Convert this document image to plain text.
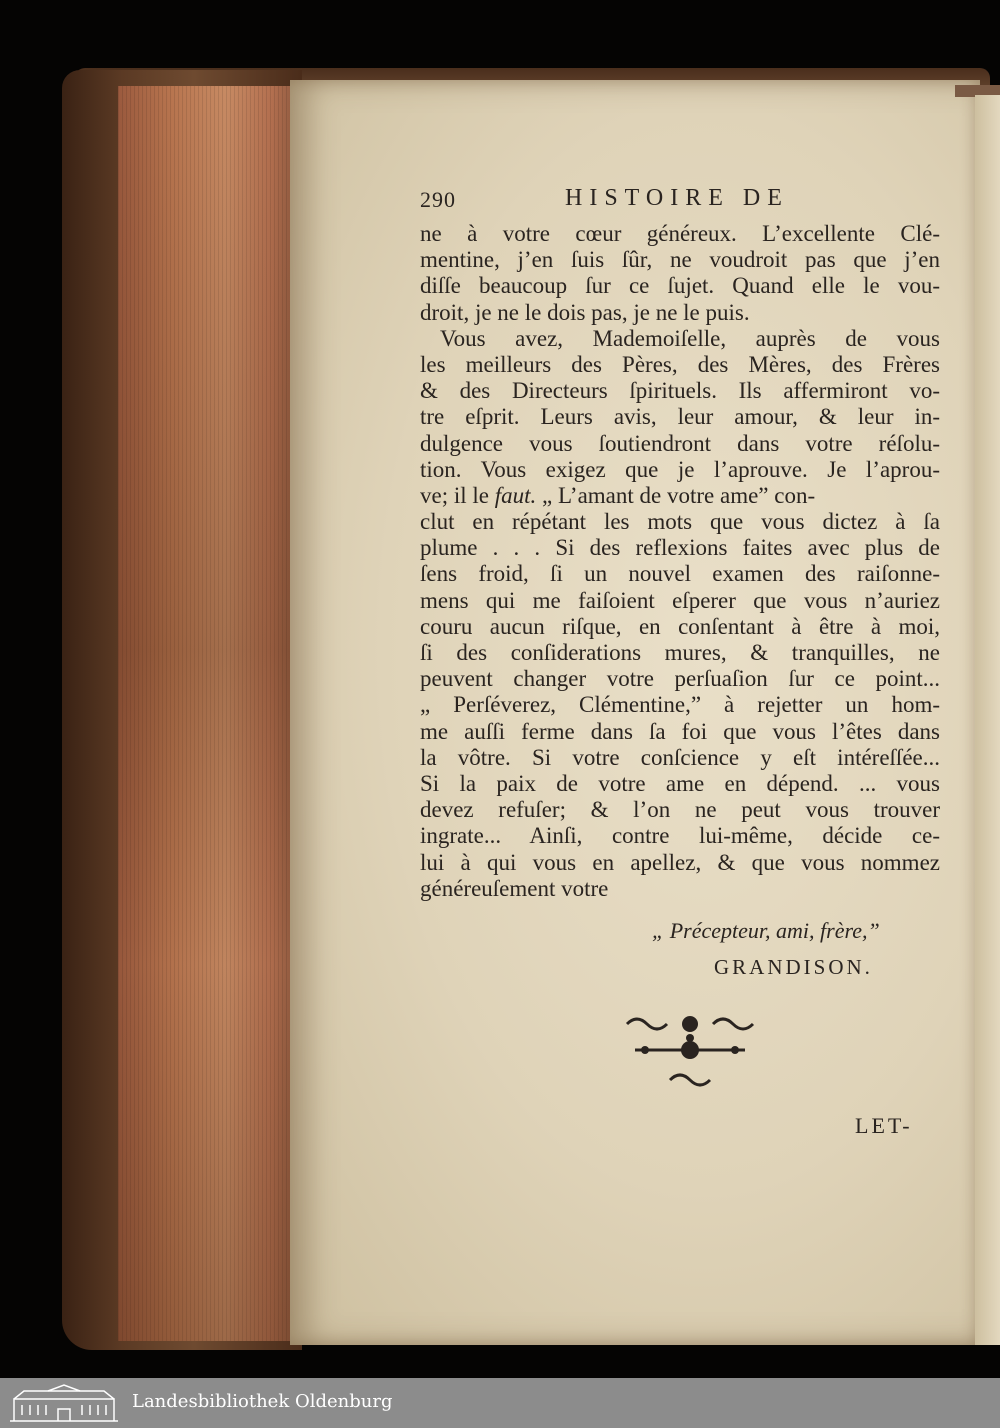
290	HISTOIRE DE
ne à votre cœur généreux. L’excellente Clé-
mentine, j’en ſuis ſûr, ne voudroit pas que j’en
diſſe beaucoup ſur ce ſujet. Quand elle le vou-
droit, je ne le dois pas, je ne le puis.
Vous avez, Mademoiſelle, auprès de vous
les meilleurs des Pères, des Mères, des Frères
& des Directeurs ſpirituels. Ils affermiront vo-
tre eſprit. Leurs avis, leur amour, & leur in-
dulgence vous ſoutiendront dans votre réſolu-
tion. Vous exigez que je l’aprouve. Je l’aprou-
ve; il le faut. „ L’amant de votre ame” con-
clut en répétant les mots que vous dictez à ſa
plume . . . Si des reflexions faites avec plus de
ſens froid, ſi un nouvel examen des raiſonne-
mens qui me faiſoient eſperer que vous n’auriez
couru aucun riſque, en conſentant à être à moi,
ſi des conſiderations mures, & tranquilles, ne
peuvent changer votre perſuaſion ſur ce point...
„ Perſéverez, Clémentine,” à rejetter un hom-
me auſſi ferme dans ſa foi que vous l’êtes dans
la vôtre. Si votre conſcience y eſt intéreſſée...
Si la paix de votre ame en dépend. ... vous
devez refuſer; & l’on ne peut vous trouver
ingrate... Ainſi, contre lui-même, décide ce-
lui à qui vous en apellez, & que vous nommez
généreuſement votre
„ Précepteur, ami, frère,”
GRANDISON.
LET-
Landesbibliothek Oldenburg
